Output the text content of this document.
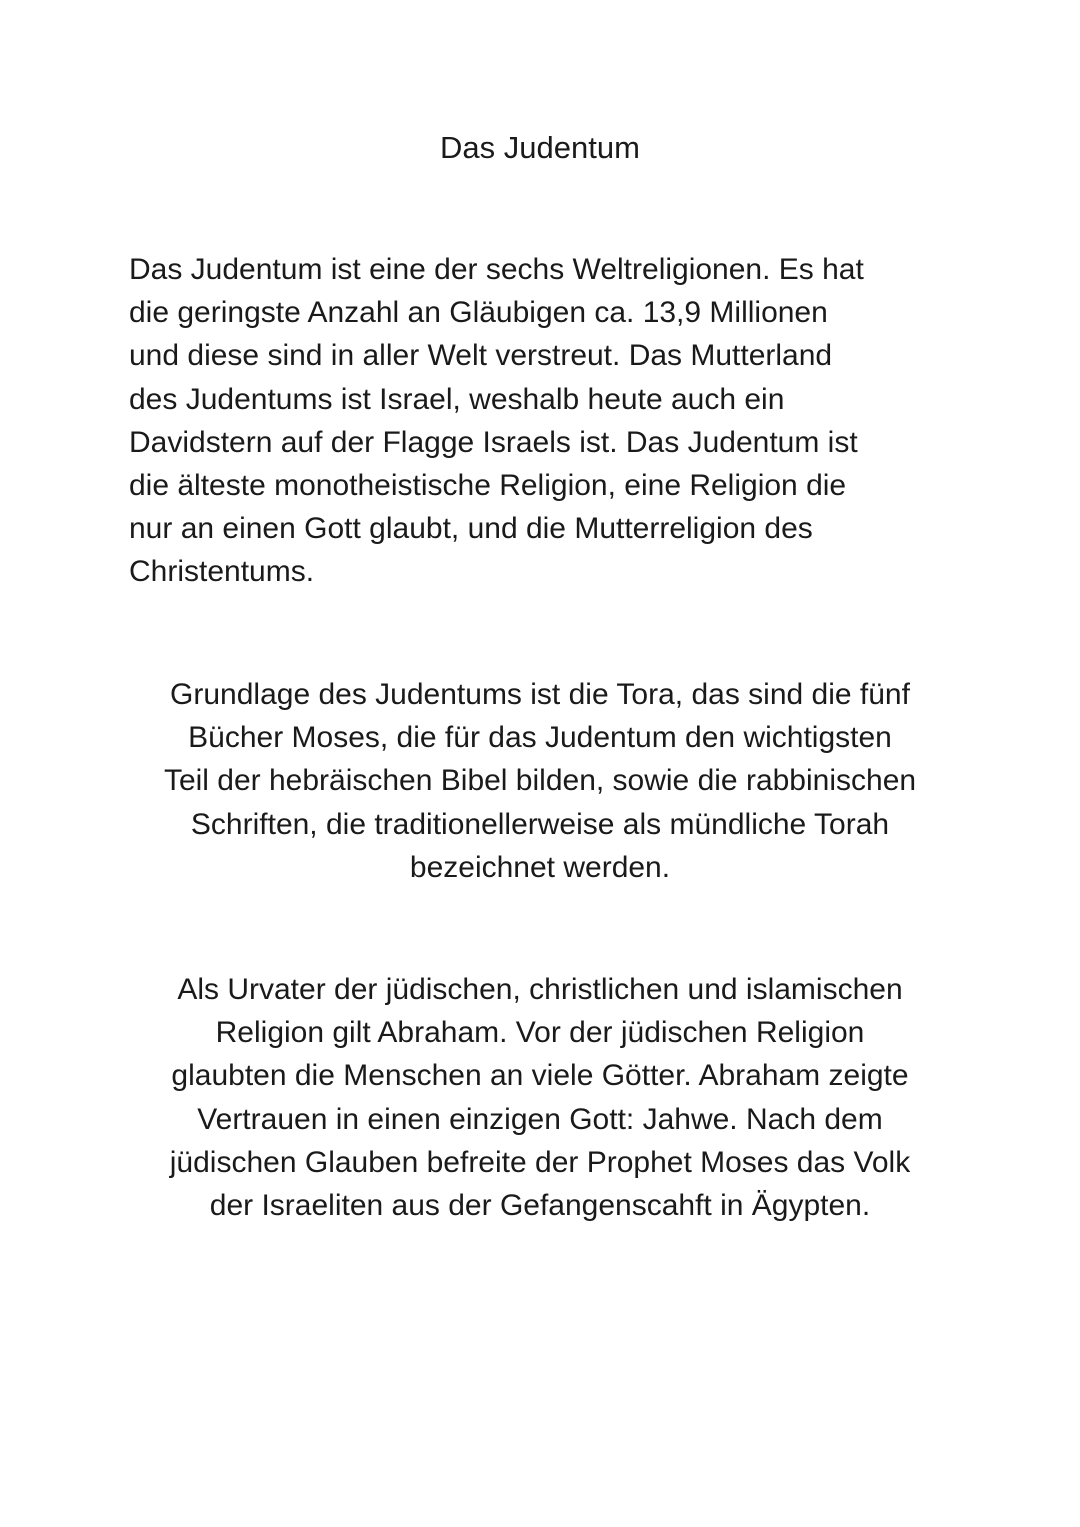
Das Judentum

Das Judentum ist eine der sechs Weltreligionen. Es hat
die geringste Anzahl an Gläubigen ca. 13,9 Millionen
und diese sind in aller Welt verstreut. Das Mutterland
des Judentums ist Israel, weshalb heute auch ein
Davidstern auf der Flagge Israels ist. Das Judentum ist
die älteste monotheistische Religion, eine Religion die
nur an einen Gott glaubt, und die Mutterreligion des
Christentums.

Grundlage des Judentums ist die Tora, das sind die fünf
Bücher Moses, die für das Judentum den wichtigsten
Teil der hebräischen Bibel bilden, sowie die rabbinischen
Schriften, die traditionellerweise als mündliche Torah
bezeichnet werden.

Als Urvater der jüdischen, christlichen und islamischen
Religion gilt Abraham. Vor der jüdischen Religion
glaubten die Menschen an viele Götter. Abraham zeigte
Vertrauen in einen einzigen Gott: Jahwe. Nach dem
jüdischen Glauben befreite der Prophet Moses das Volk
der Israeliten aus der Gefangenscahft in Ägypten.
